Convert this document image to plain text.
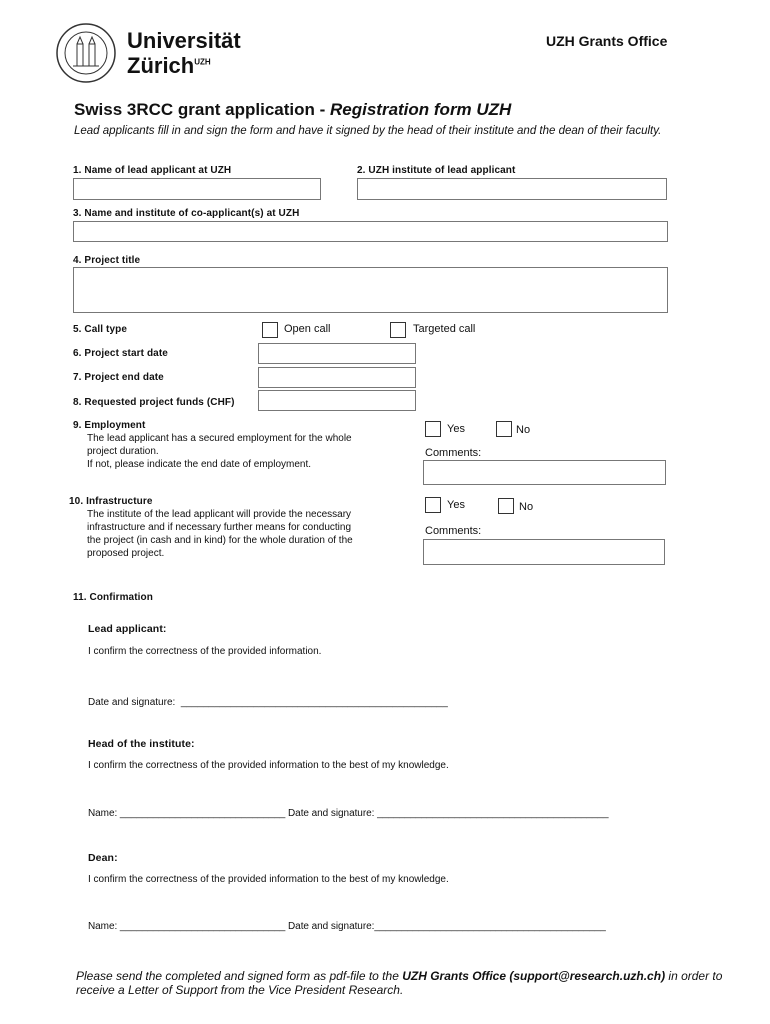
Universität
Zürich$^{UZH}$
UZH Grants Office
Swiss 3RCC grant application - Registration form UZH
Lead applicants fill in and sign the form and have it signed by the head of their institute and the dean of their faculty.
1. Name of lead applicant at UZH	2. UZH institute of lead applicant
3. Name and institute of co-applicant(s) at UZH
4. Project title
5. Call type	Open call	Targeted call
6. Project start date
7. Project end date
8. Requested project funds (CHF)
9. Employment
The lead applicant has a secured employment for the whole
project duration.
If not, please indicate the end date of employment.
Yes	No
Comments:
10. Infrastructure
The institute of the lead applicant will provide the necessary
infrastructure and if necessary further means for conducting
the project (in cash and in kind) for the whole duration of the
proposed project.
Yes	No
Comments:
11. Confirmation
Lead applicant:
I confirm the correctness of the provided information.
Date and signature:  ________________________________________________
Head of the institute:
I confirm the correctness of the provided information to the best of my knowledge.
Name: ______________________________ Date and signature: __________________________________________
Dean:
I confirm the correctness of the provided information to the best of my knowledge.
Name: ______________________________ Date and signature:__________________________________________
Please send the completed and signed form as pdf-file to the UZH Grants Office (support@research.uzh.ch) in order to receive a Letter of Support from the Vice President Research.
